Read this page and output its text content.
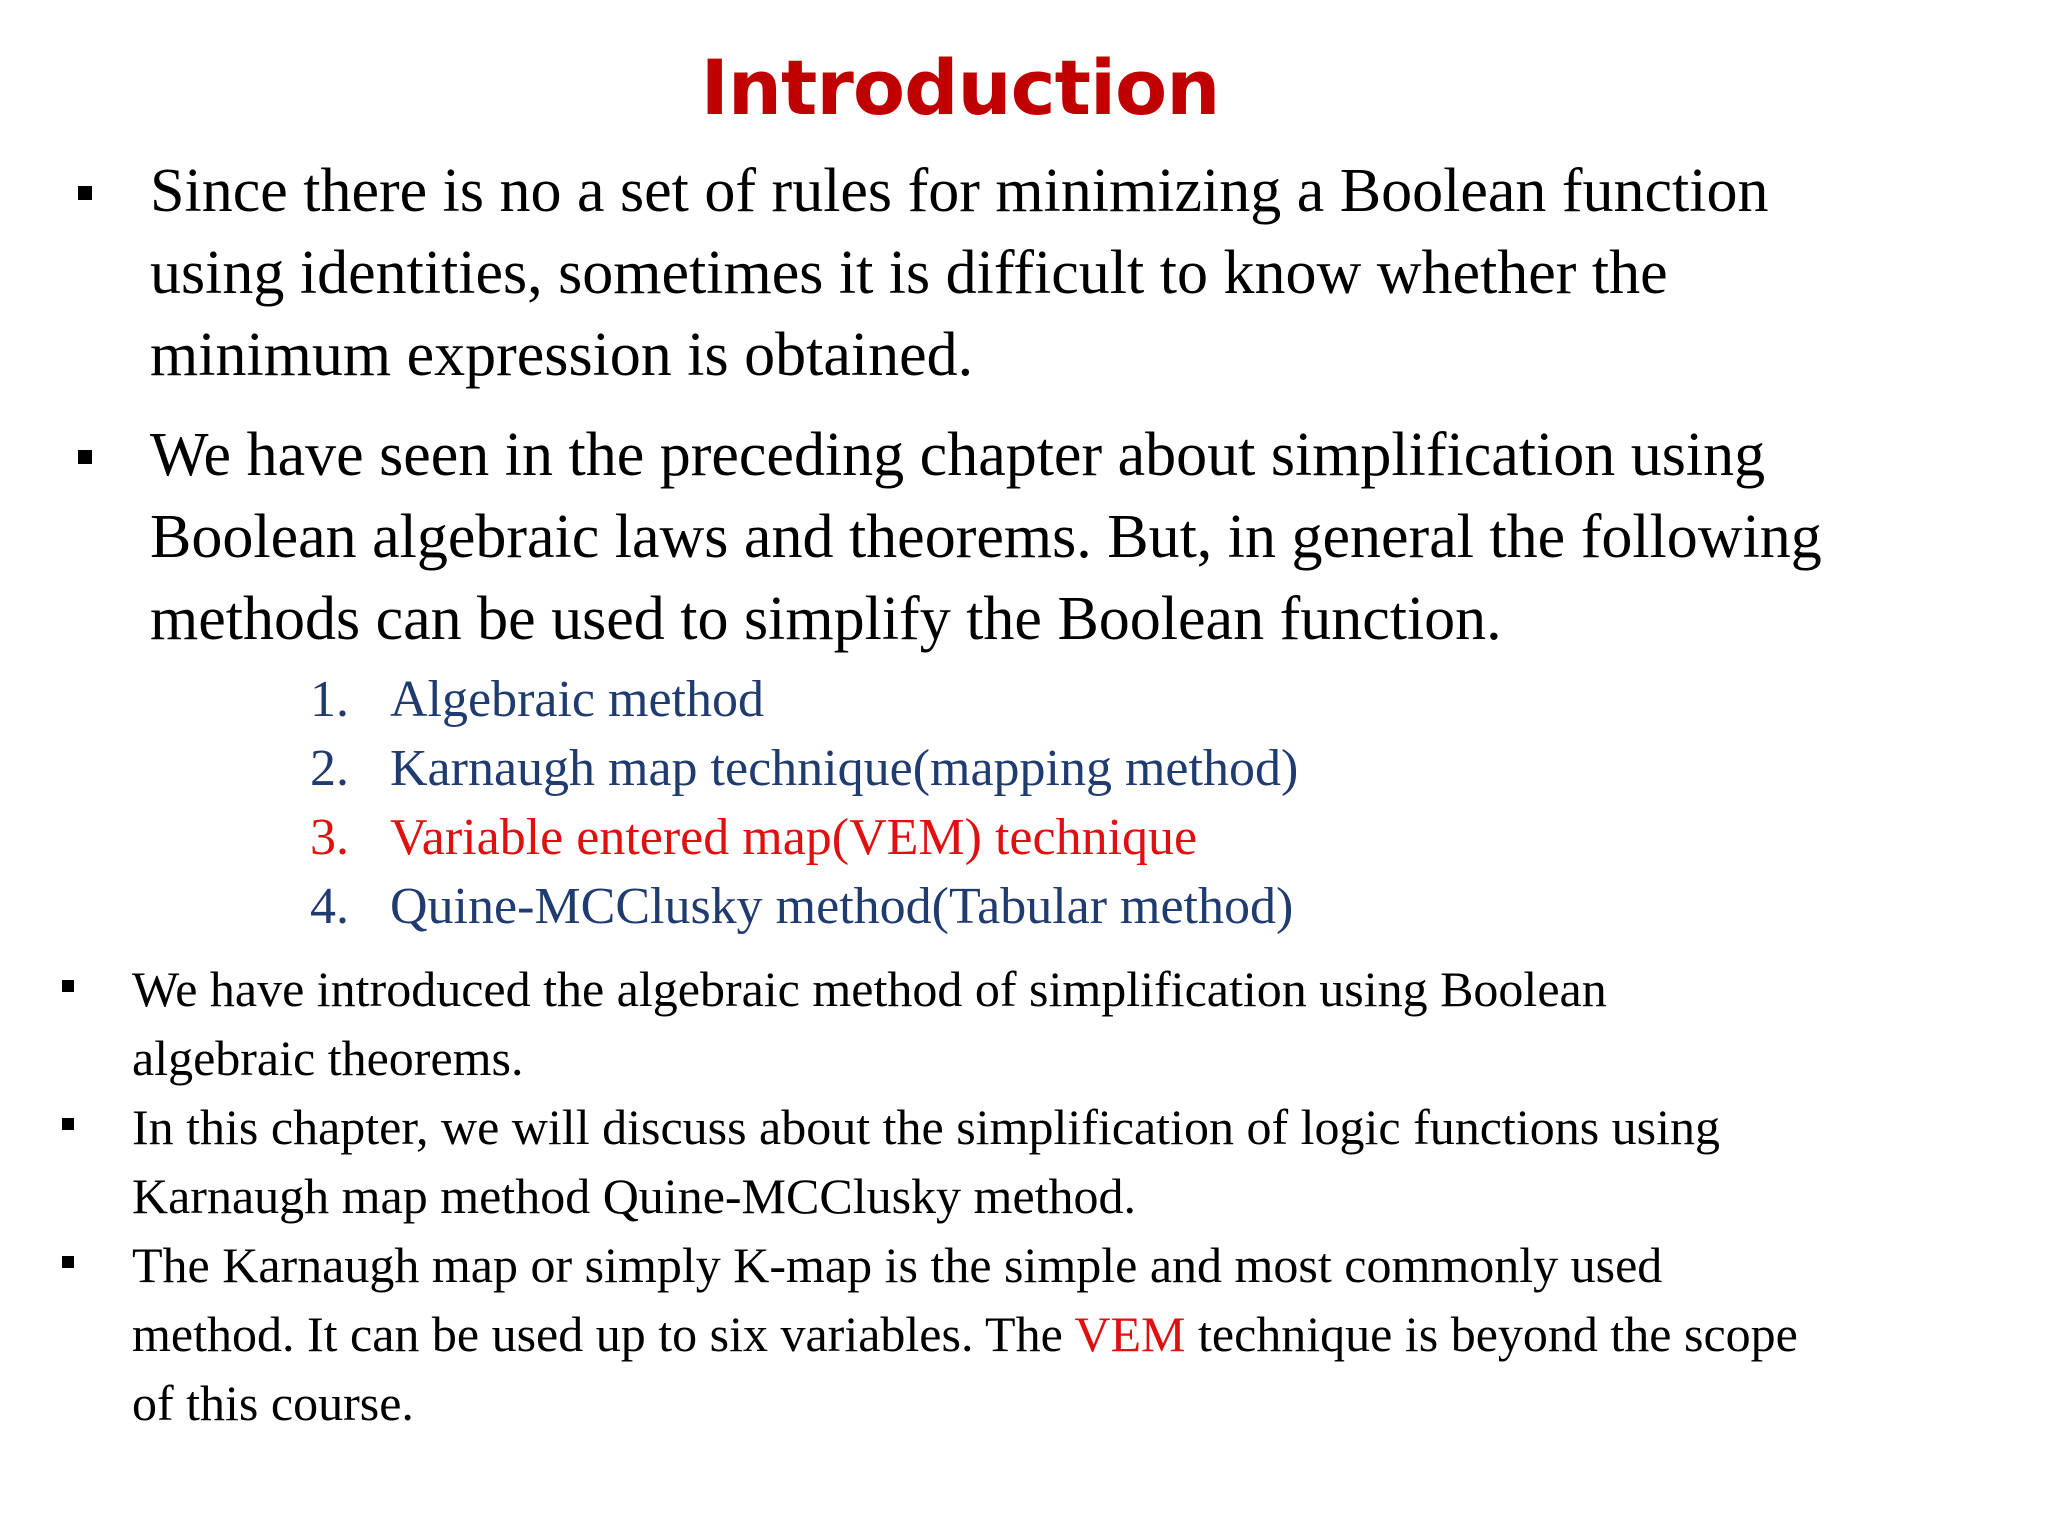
Introduction
Since there is no a set of rules for minimizing a Boolean function
using identities, sometimes it is difficult to know whether the
minimum expression is obtained.
We have seen in the preceding chapter about simplification using
Boolean algebraic laws and theorems. But, in general the following
methods can be used to simplify the Boolean function.
1. Algebraic method
2. Karnaugh map technique(mapping method)
3. Variable entered map(VEM) technique
4. Quine-MCClusky method(Tabular method)
We have introduced the algebraic method of simplification using Boolean
algebraic theorems.
In this chapter, we will discuss about the simplification of logic functions using
Karnaugh map method Quine-MCClusky method.
The Karnaugh map or simply K-map is the simple and most commonly used
method. It can be used up to six variables. The VEM technique is beyond the scope
of this course.
